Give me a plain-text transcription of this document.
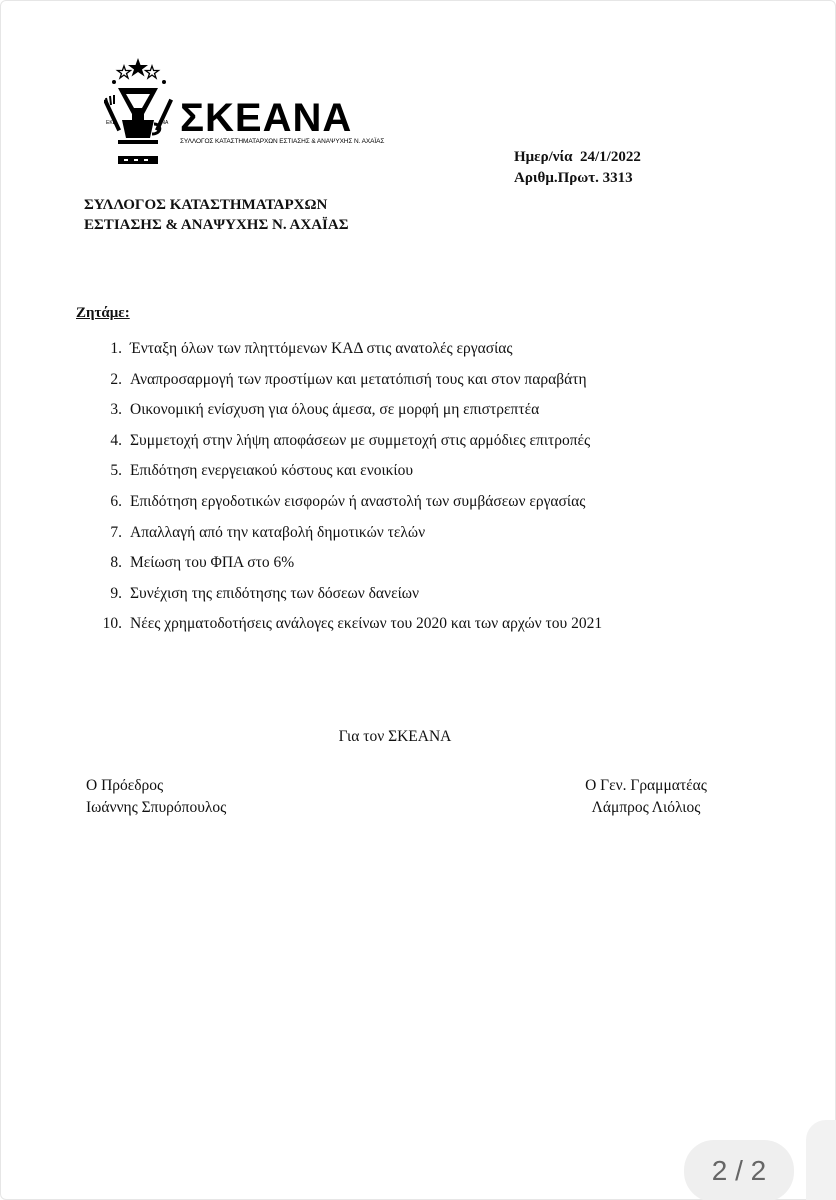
ΕΚΕ	ΑΝΑ ΣΚΕΑΝΑ
ΣΥΛΛΟΓΟΣ ΚΑΤΑΣΤΗΜΑΤΑΡΧΩΝ ΕΣΤΙΑΣΗΣ & ΑΝΑΨΥΧΗΣ Ν. ΑΧΑΪΑΣ
Ημερ/νία  24/1/2022
Αριθμ.Πρωτ. 3313
ΣΥΛΛΟΓΟΣ ΚΑΤΑΣΤΗΜΑΤΑΡΧΩΝ
ΕΣΤΙΑΣΗΣ & ΑΝΑΨΥΧΗΣ Ν. ΑΧΑΪΑΣ
Ζητάμε:
1. Ένταξη όλων των πληττόμενων ΚΑΔ στις ανατολές εργασίας
2. Αναπροσαρμογή των προστίμων και μετατόπισή τους και στον παραβάτη
3. Οικονομική ενίσχυση για όλους άμεσα, σε μορφή μη επιστρεπτέα
4. Συμμετοχή στην λήψη αποφάσεων με συμμετοχή στις αρμόδιες επιτροπές
5. Επιδότηση ενεργειακού κόστους και ενοικίου
6. Επιδότηση εργοδοτικών εισφορών ή αναστολή των συμβάσεων εργασίας
7. Απαλλαγή από την καταβολή δημοτικών τελών
8. Μείωση του ΦΠΑ στο 6%
9. Συνέχιση της επιδότησης των δόσεων δανείων
10. Νέες χρηματοδοτήσεις ανάλογες εκείνων του 2020 και των αρχών του 2021
Για τον ΣΚΕΑΝΑ
Ο Πρόεδρος
Ιωάννης Σπυρόπουλος
Ο Γεν. Γραμματέας
Λάμπρος Λιόλιος
2 / 2
